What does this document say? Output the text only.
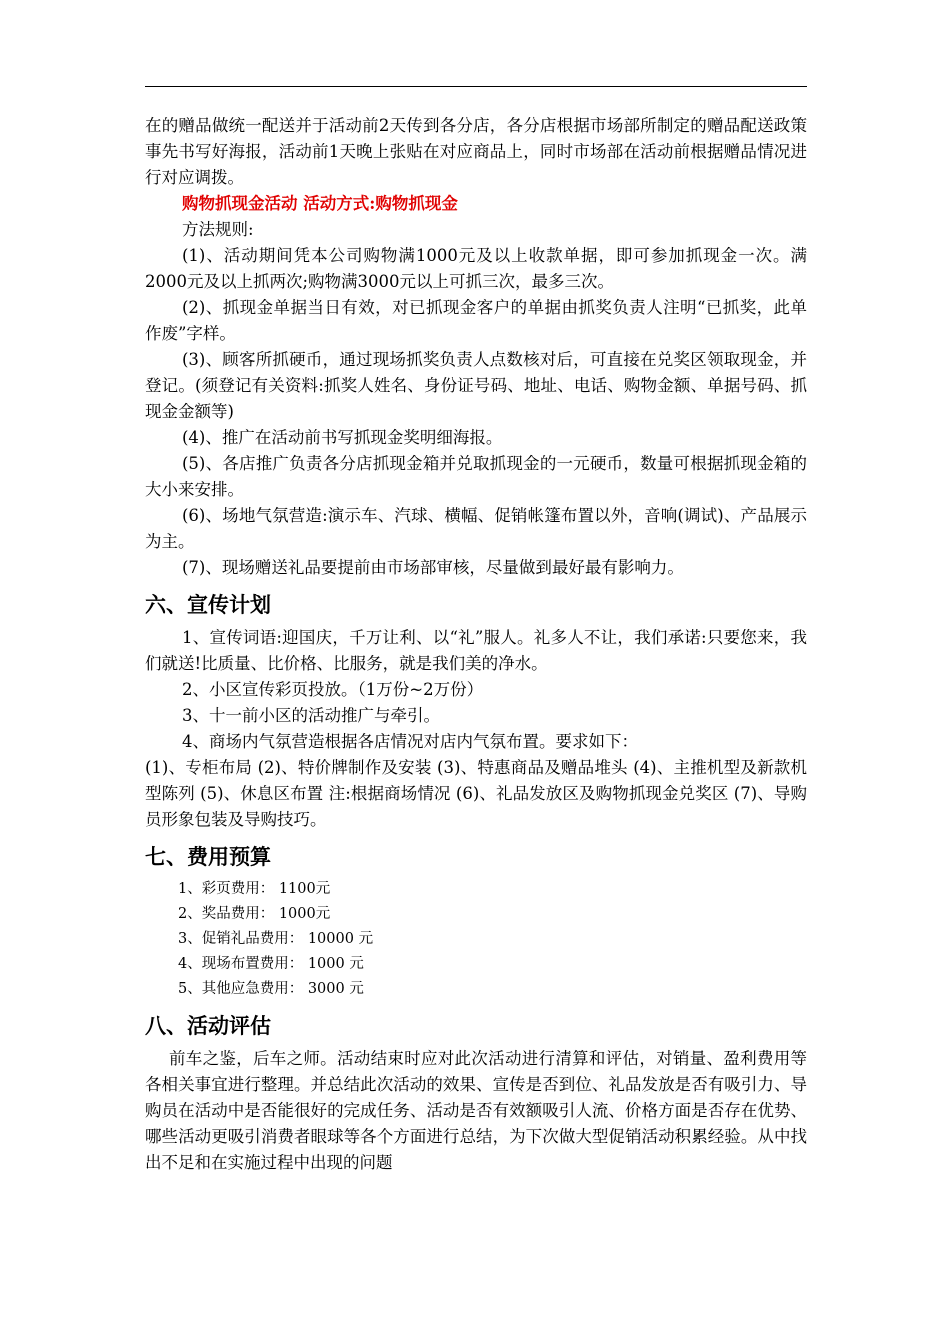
在的赠品做统一配送并于活动前2天传到各分店，各分店根据市场部所制定的赠品配送政策事先书写好海报，活动前1天晚上张贴在对应商品上，同时市场部在活动前根据赠品情况进行对应调拨。

购物抓现金活动 活动方式:购物抓现金

方法规则:

(1)、活动期间凭本公司购物满1000元及以上收款单据，即可参加抓现金一次。满2000元及以上抓两次;购物满3000元以上可抓三次，最多三次。

(2)、抓现金单据当日有效，对已抓现金客户的单据由抓奖负责人注明“已抓奖，此单作废”字样。

(3)、顾客所抓硬币，通过现场抓奖负责人点数核对后，可直接在兑奖区领取现金，并登记。(须登记有关资料:抓奖人姓名、身份证号码、地址、电话、购物金额、单据号码、抓现金金额等)

(4)、推广在活动前书写抓现金奖明细海报。

(5)、各店推广负责各分店抓现金箱并兑取抓现金的一元硬币，数量可根据抓现金箱的大小来安排。

(6)、场地气氛营造:演示车、汽球、横幅、促销帐篷布置以外，音响(调试)、产品展示为主。

(7)、现场赠送礼品要提前由市场部审核，尽量做到最好最有影响力。

六、宣传计划

1、宣传词语:迎国庆，千万让利、以“礼”服人。礼多人不让，我们承诺:只要您来，我们就送!比质量、比价格、比服务，就是我们美的净水。

2、小区宣传彩页投放。（1万份~2万份）

3、十一前小区的活动推广与牵引。

4、商场内气氛营造根据各店情况对店内气氛布置。要求如下：

(1)、专柜布局 (2)、特价牌制作及安装 (3)、特惠商品及赠品堆头 (4)、主推机型及新款机型陈列 (5)、休息区布置 注:根据商场情况 (6)、礼品发放区及购物抓现金兑奖区 (7)、导购员形象包装及导购技巧。

七、费用预算

1、彩页费用： 1100元

2、奖品费用： 1000元

3、促销礼品费用： 10000 元

4、现场布置费用： 1000 元

5、其他应急费用： 3000 元

八、活动评估

前车之鉴，后车之师。活动结束时应对此次活动进行清算和评估，对销量、盈利费用等各相关事宜进行整理。并总结此次活动的效果、宣传是否到位、礼品发放是否有吸引力、导购员在活动中是否能很好的完成任务、活动是否有效额吸引人流、价格方面是否存在优势、哪些活动更吸引消费者眼球等各个方面进行总结，为下次做大型促销活动积累经验。从中找出不足和在实施过程中出现的问题
